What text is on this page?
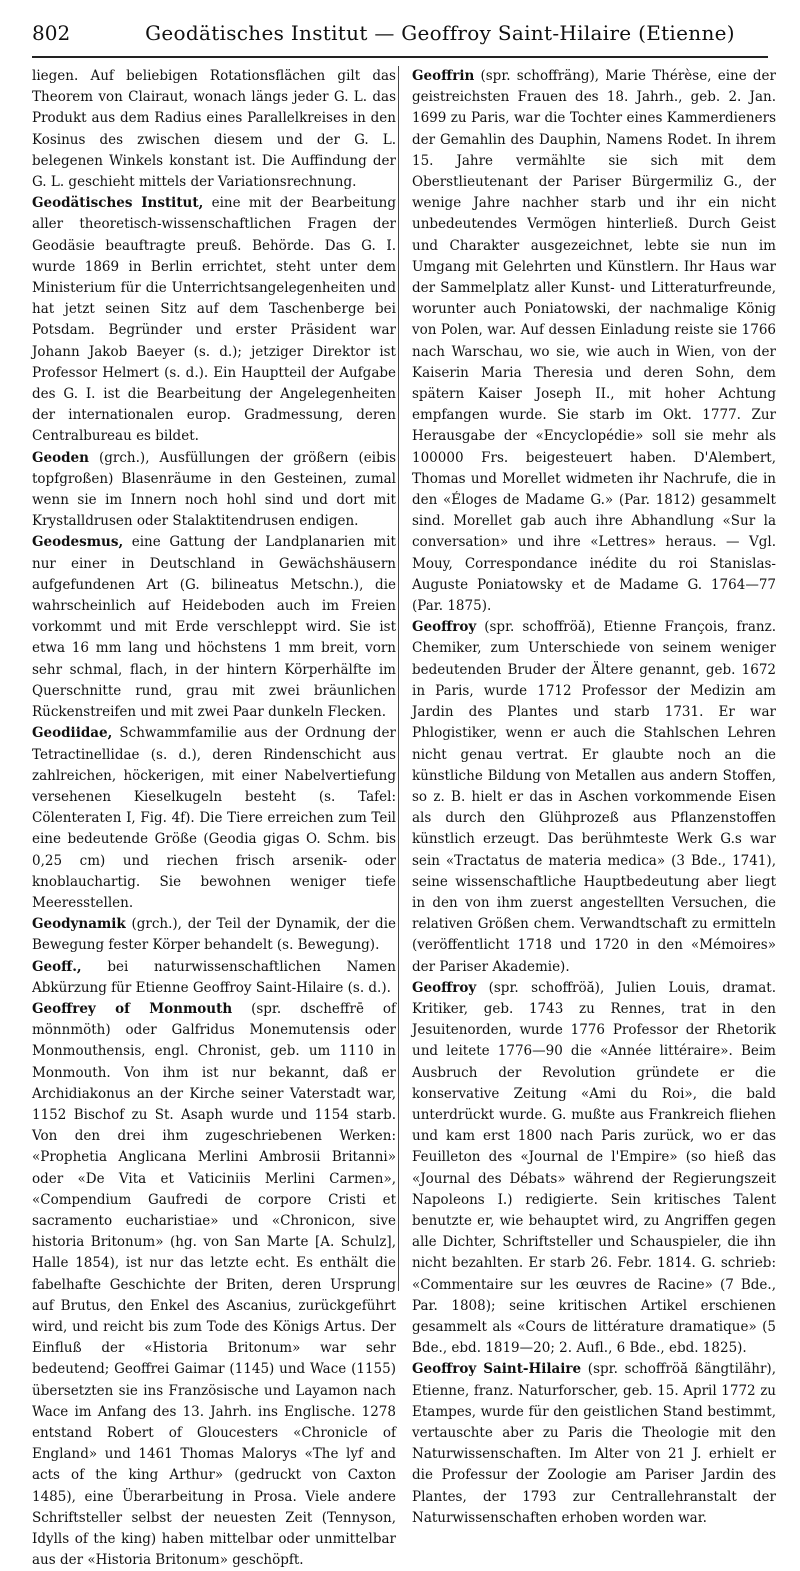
802	Geodätisches Institut — Geoffroy Saint-Hilaire (Etienne)

liegen. Auf beliebigen Rotationsflächen gilt das Theorem von Clairaut, wonach längs jeder G. L. das Produkt aus dem Radius eines Parallelkreises in den Kosinus des zwischen diesem und der G. L. belegenen Winkels konstant ist. Die Auffindung der G. L. geschieht mittels der Variationsrechnung.

Geodätisches Institut, eine mit der Bearbeitung aller theoretisch-wissenschaftlichen Fragen der Geodäsie beauftragte preuß. Behörde. Das G. I. wurde 1869 in Berlin errichtet, steht unter dem Ministerium für die Unterrichtsangelegenheiten und hat jetzt seinen Sitz auf dem Taschenberge bei Potsdam. Begründer und erster Präsident war Johann Jakob Baeyer (s. d.); jetziger Direktor ist Professor Helmert (s. d.). Ein Hauptteil der Aufgabe des G. I. ist die Bearbeitung der Angelegenheiten der internationalen europ. Gradmessung, deren Centralbureau es bildet.

Geoden (grch.), Ausfüllungen der größern (eibis topfgroßen) Blasenräume in den Gesteinen, zumal wenn sie im Innern noch hohl sind und dort mit Krystalldrusen oder Stalaktitendrusen endigen.

Geodesmus, eine Gattung der Landplanarien mit nur einer in Deutschland in Gewächshäusern aufgefundenen Art (G. bilineatus Metschn.), die wahrscheinlich auf Heideboden auch im Freien vorkommt und mit Erde verschleppt wird. Sie ist etwa 16 mm lang und höchstens 1 mm breit, vorn sehr schmal, flach, in der hintern Körperhälfte im Querschnitte rund, grau mit zwei bräunlichen Rückenstreifen und mit zwei Paar dunkeln Flecken.

Geodiidae, Schwammfamilie aus der Ordnung der Tetractinellidae (s. d.), deren Rindenschicht aus zahlreichen, höckerigen, mit einer Nabelvertiefung versehenen Kieselkugeln besteht (s. Tafel: Cölenteraten I, Fig. 4f). Die Tiere erreichen zum Teil eine bedeutende Größe (Geodia gigas O. Schm. bis 0,25 cm) und riechen frisch arsenik- oder knoblauchartig. Sie bewohnen weniger tiefe Meeresstellen.

Geodynamik (grch.), der Teil der Dynamik, der die Bewegung fester Körper behandelt (s. Bewegung).

Geoff., bei naturwissenschaftlichen Namen Abkürzung für Etienne Geoffroy Saint-Hilaire (s. d.).

Geoffrey of Monmouth (spr. dscheffrē of mönnmöth) oder Galfridus Monemutensis oder Monmouthensis, engl. Chronist, geb. um 1110 in Monmouth. Von ihm ist nur bekannt, daß er Archidiakonus an der Kirche seiner Vaterstadt war, 1152 Bischof zu St. Asaph wurde und 1154 starb. Von den drei ihm zugeschriebenen Werken: «Prophetia Anglicana Merlini Ambrosii Britanni» oder «De Vita et Vaticiniis Merlini Carmen», «Compendium Gaufredi de corpore Cristi et sacramento eucharistiae» und «Chronicon, sive historia Britonum» (hg. von San Marte [A. Schulz], Halle 1854), ist nur das letzte echt. Es enthält die fabelhafte Geschichte der Briten, deren Ursprung auf Brutus, den Enkel des Ascanius, zurückgeführt wird, und reicht bis zum Tode des Königs Artus. Der Einfluß der «Historia Britonum» war sehr bedeutend; Geoffrei Gaimar (1145) und Wace (1155) übersetzten sie ins Französische und Layamon nach Wace im Anfang des 13. Jahrh. ins Englische. 1278 entstand Robert of Gloucesters «Chronicle of England» und 1461 Thomas Malorys «The lyf and acts of the king Arthur» (gedruckt von Caxton 1485), eine Überarbeitung in Prosa. Viele andere Schriftsteller selbst der neuesten Zeit (Tennyson, Idylls of the king) haben mittelbar oder unmittelbar aus der «Historia Britonum» geschöpft.

Geoffrin (spr. schoffräng), Marie Thérèse, eine der geistreichsten Frauen des 18. Jahrh., geb. 2. Jan. 1699 zu Paris, war die Tochter eines Kammerdieners der Gemahlin des Dauphin, Namens Rodet. In ihrem 15. Jahre vermählte sie sich mit dem Oberstlieutenant der Pariser Bürgermiliz G., der wenige Jahre nachher starb und ihr ein nicht unbedeutendes Vermögen hinterließ. Durch Geist und Charakter ausgezeichnet, lebte sie nun im Umgang mit Gelehrten und Künstlern. Ihr Haus war der Sammelplatz aller Kunst- und Litteraturfreunde, worunter auch Poniatowski, der nachmalige König von Polen, war. Auf dessen Einladung reiste sie 1766 nach Warschau, wo sie, wie auch in Wien, von der Kaiserin Maria Theresia und deren Sohn, dem spätern Kaiser Joseph II., mit hoher Achtung empfangen wurde. Sie starb im Okt. 1777. Zur Herausgabe der «Encyclopédie» soll sie mehr als 100000 Frs. beigesteuert haben. D'Alembert, Thomas und Morellet widmeten ihr Nachrufe, die in den «Éloges de Madame G.» (Par. 1812) gesammelt sind. Morellet gab auch ihre Abhandlung «Sur la conversation» und ihre «Lettres» heraus. — Vgl. Mouy, Correspondance inédite du roi Stanislas-Auguste Poniatowsky et de Madame G. 1764—77 (Par. 1875).

Geoffroy (spr. schoffröă), Etienne François, franz. Chemiker, zum Unterschiede von seinem weniger bedeutenden Bruder der Ältere genannt, geb. 1672 in Paris, wurde 1712 Professor der Medizin am Jardin des Plantes und starb 1731. Er war Phlogistiker, wenn er auch die Stahlschen Lehren nicht genau vertrat. Er glaubte noch an die künstliche Bildung von Metallen aus andern Stoffen, so z. B. hielt er das in Aschen vorkommende Eisen als durch den Glühprozeß aus Pflanzenstoffen künstlich erzeugt. Das berühmteste Werk G.s war sein «Tractatus de materia medica» (3 Bde., 1741), seine wissenschaftliche Hauptbedeutung aber liegt in den von ihm zuerst angestellten Versuchen, die relativen Größen chem. Verwandtschaft zu ermitteln (veröffentlicht 1718 und 1720 in den «Mémoires» der Pariser Akademie).

Geoffroy (spr. schoffröă), Julien Louis, dramat. Kritiker, geb. 1743 zu Rennes, trat in den Jesuitenorden, wurde 1776 Professor der Rhetorik und leitete 1776—90 die «Année littéraire». Beim Ausbruch der Revolution gründete er die konservative Zeitung «Ami du Roi», die bald unterdrückt wurde. G. mußte aus Frankreich fliehen und kam erst 1800 nach Paris zurück, wo er das Feuilleton des «Journal de l'Empire» (so hieß das «Journal des Débats» während der Regierungszeit Napoleons I.) redigierte. Sein kritisches Talent benutzte er, wie behauptet wird, zu Angriffen gegen alle Dichter, Schriftsteller und Schauspieler, die ihn nicht bezahlten. Er starb 26. Febr. 1814. G. schrieb: «Commentaire sur les œuvres de Racine» (7 Bde., Par. 1808); seine kritischen Artikel erschienen gesammelt als «Cours de littérature dramatique» (5 Bde., ebd. 1819—20; 2. Aufl., 6 Bde., ebd. 1825).

Geoffroy Saint-Hilaire (spr. schoffröă ßängtilähr), Etienne, franz. Naturforscher, geb. 15. April 1772 zu Etampes, wurde für den geistlichen Stand bestimmt, vertauschte aber zu Paris die Theologie mit den Naturwissenschaften. Im Alter von 21 J. erhielt er die Professur der Zoologie am Pariser Jardin des Plantes, der 1793 zur Centrallehranstalt der Naturwissenschaften erhoben worden war.
